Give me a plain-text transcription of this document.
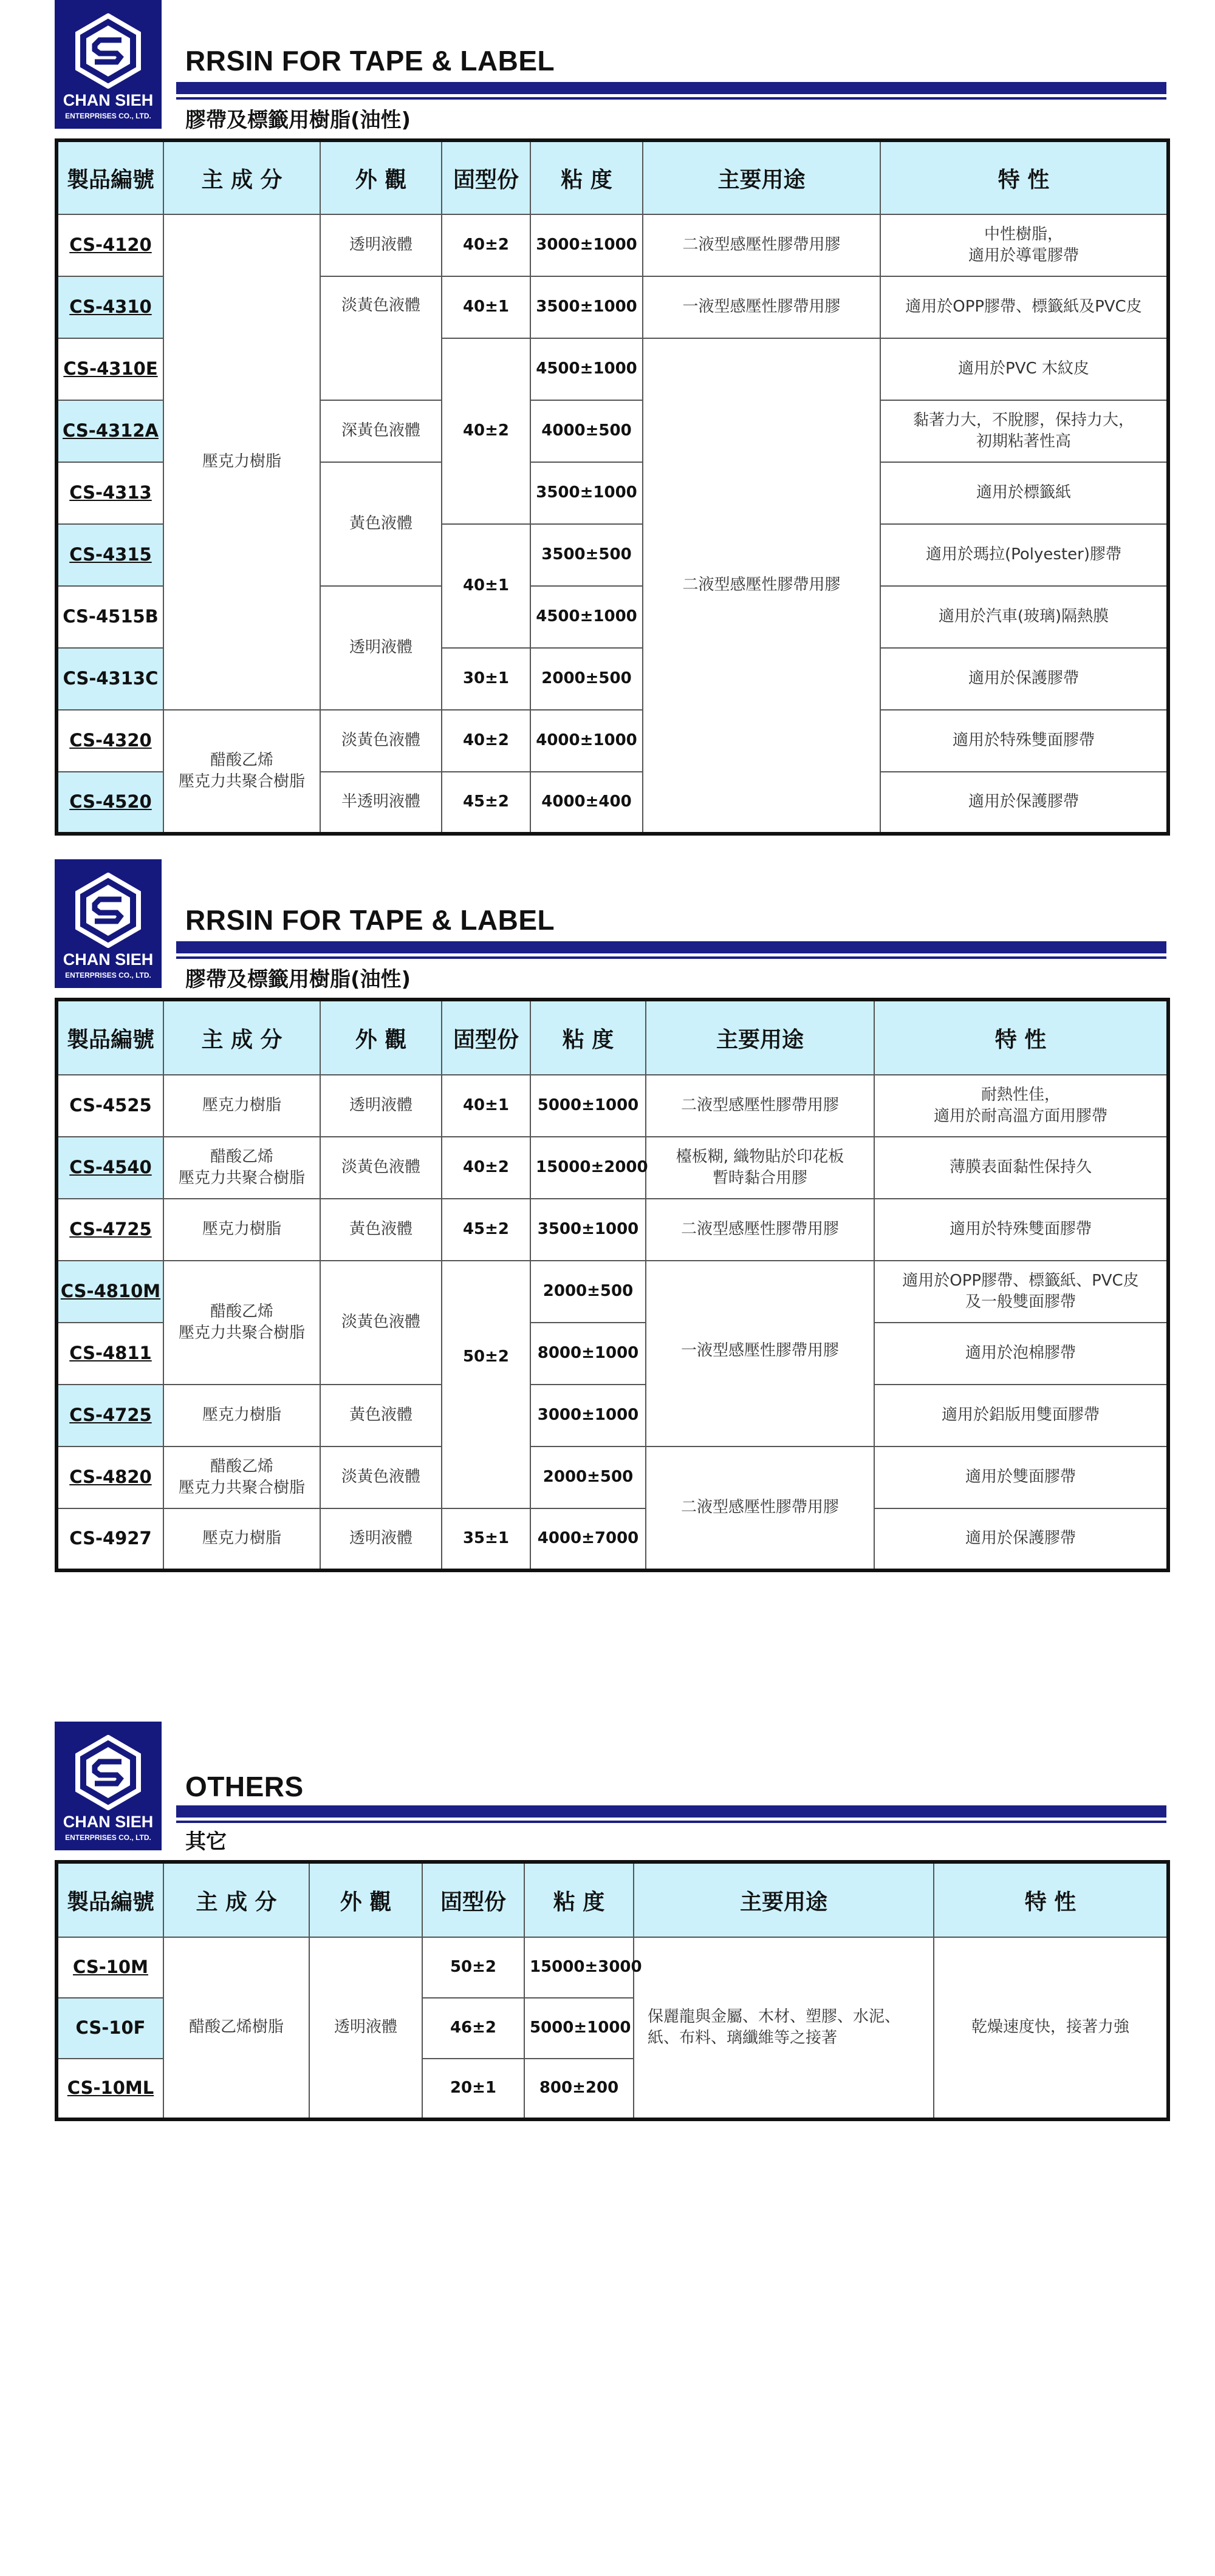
CHAN SIEH
ENTERPRISES CO., LTD.
RRSIN FOR TAPE & LABEL
膠帶及標籤用樹脂(油性)
製品編號	主 成 分	外 觀	固型份	粘 度	主要用途	特 性
CS-4120	壓克力樹脂	透明液體	40±2	3000±1000	二液型感壓性膠帶用膠	中性樹脂，
適用於導電膠帶
CS-4310		淡黃色液體	40±1	3500±1000	一液型感壓性膠帶用膠	適用於OPP膠帶、標籤紙及PVC皮
CS-4310E			40±2	4500±1000	二液型感壓性膠帶用膠	適用於PVC 木紋皮
CS-4312A		深黃色液體		4000±500		黏著力大，不脫膠，保持力大，
初期粘著性高
CS-4313		黃色液體		3500±1000		適用於標籤紙
CS-4315			40±1	3500±500		適用於瑪拉(Polyester)膠帶
CS-4515B		透明液體		4500±1000		適用於汽車(玻璃)隔熱膜
CS-4313C			30±1	2000±500		適用於保護膠帶
CS-4320	醋酸乙烯
壓克力共聚合樹脂	淡黃色液體	40±2	4000±1000		適用於特殊雙面膠帶
CS-4520		半透明液體	45±2	4000±400		適用於保護膠帶
CHAN SIEH
ENTERPRISES CO., LTD.
RRSIN FOR TAPE & LABEL
膠帶及標籤用樹脂(油性)
製品編號	主 成 分	外 觀	固型份	粘 度	主要用途	特 性
CS-4525	壓克力樹脂	透明液體	40±1	5000±1000	二液型感壓性膠帶用膠	耐熱性佳，
適用於耐高溫方面用膠帶
CS-4540	醋酸乙烯
壓克力共聚合樹脂	淡黃色液體	40±2	15000±2000	檯板糊, 織物貼於印花板
暫時黏合用膠	薄膜表面黏性保持久
CS-4725	壓克力樹脂	黃色液體	45±2	3500±1000	二液型感壓性膠帶用膠	適用於特殊雙面膠帶
CS-4810M	醋酸乙烯
壓克力共聚合樹脂	淡黃色液體	50±2	2000±500	一液型感壓性膠帶用膠	適用於OPP膠帶、標籤紙、PVC皮
及一般雙面膠帶
CS-4811				8000±1000		適用於泡棉膠帶
CS-4725	壓克力樹脂	黃色液體		3000±1000		適用於鋁版用雙面膠帶
CS-4820	醋酸乙烯
壓克力共聚合樹脂	淡黃色液體		2000±500	二液型感壓性膠帶用膠	適用於雙面膠帶
CS-4927	壓克力樹脂	透明液體	35±1	4000±7000		適用於保護膠帶
CHAN SIEH
ENTERPRISES CO., LTD.
OTHERS
其它
製品編號	主 成 分	外 觀	固型份	粘 度	主要用途	特 性
CS-10M	醋酸乙烯樹脂	透明液體	50±2	15000±3000	保麗龍與金屬、木材、塑膠、水泥、
紙、布料、璃纖維等之接著	乾燥速度快，接著力強
CS-10F			46±2	5000±1000		
CS-10ML			20±1	800±200		
